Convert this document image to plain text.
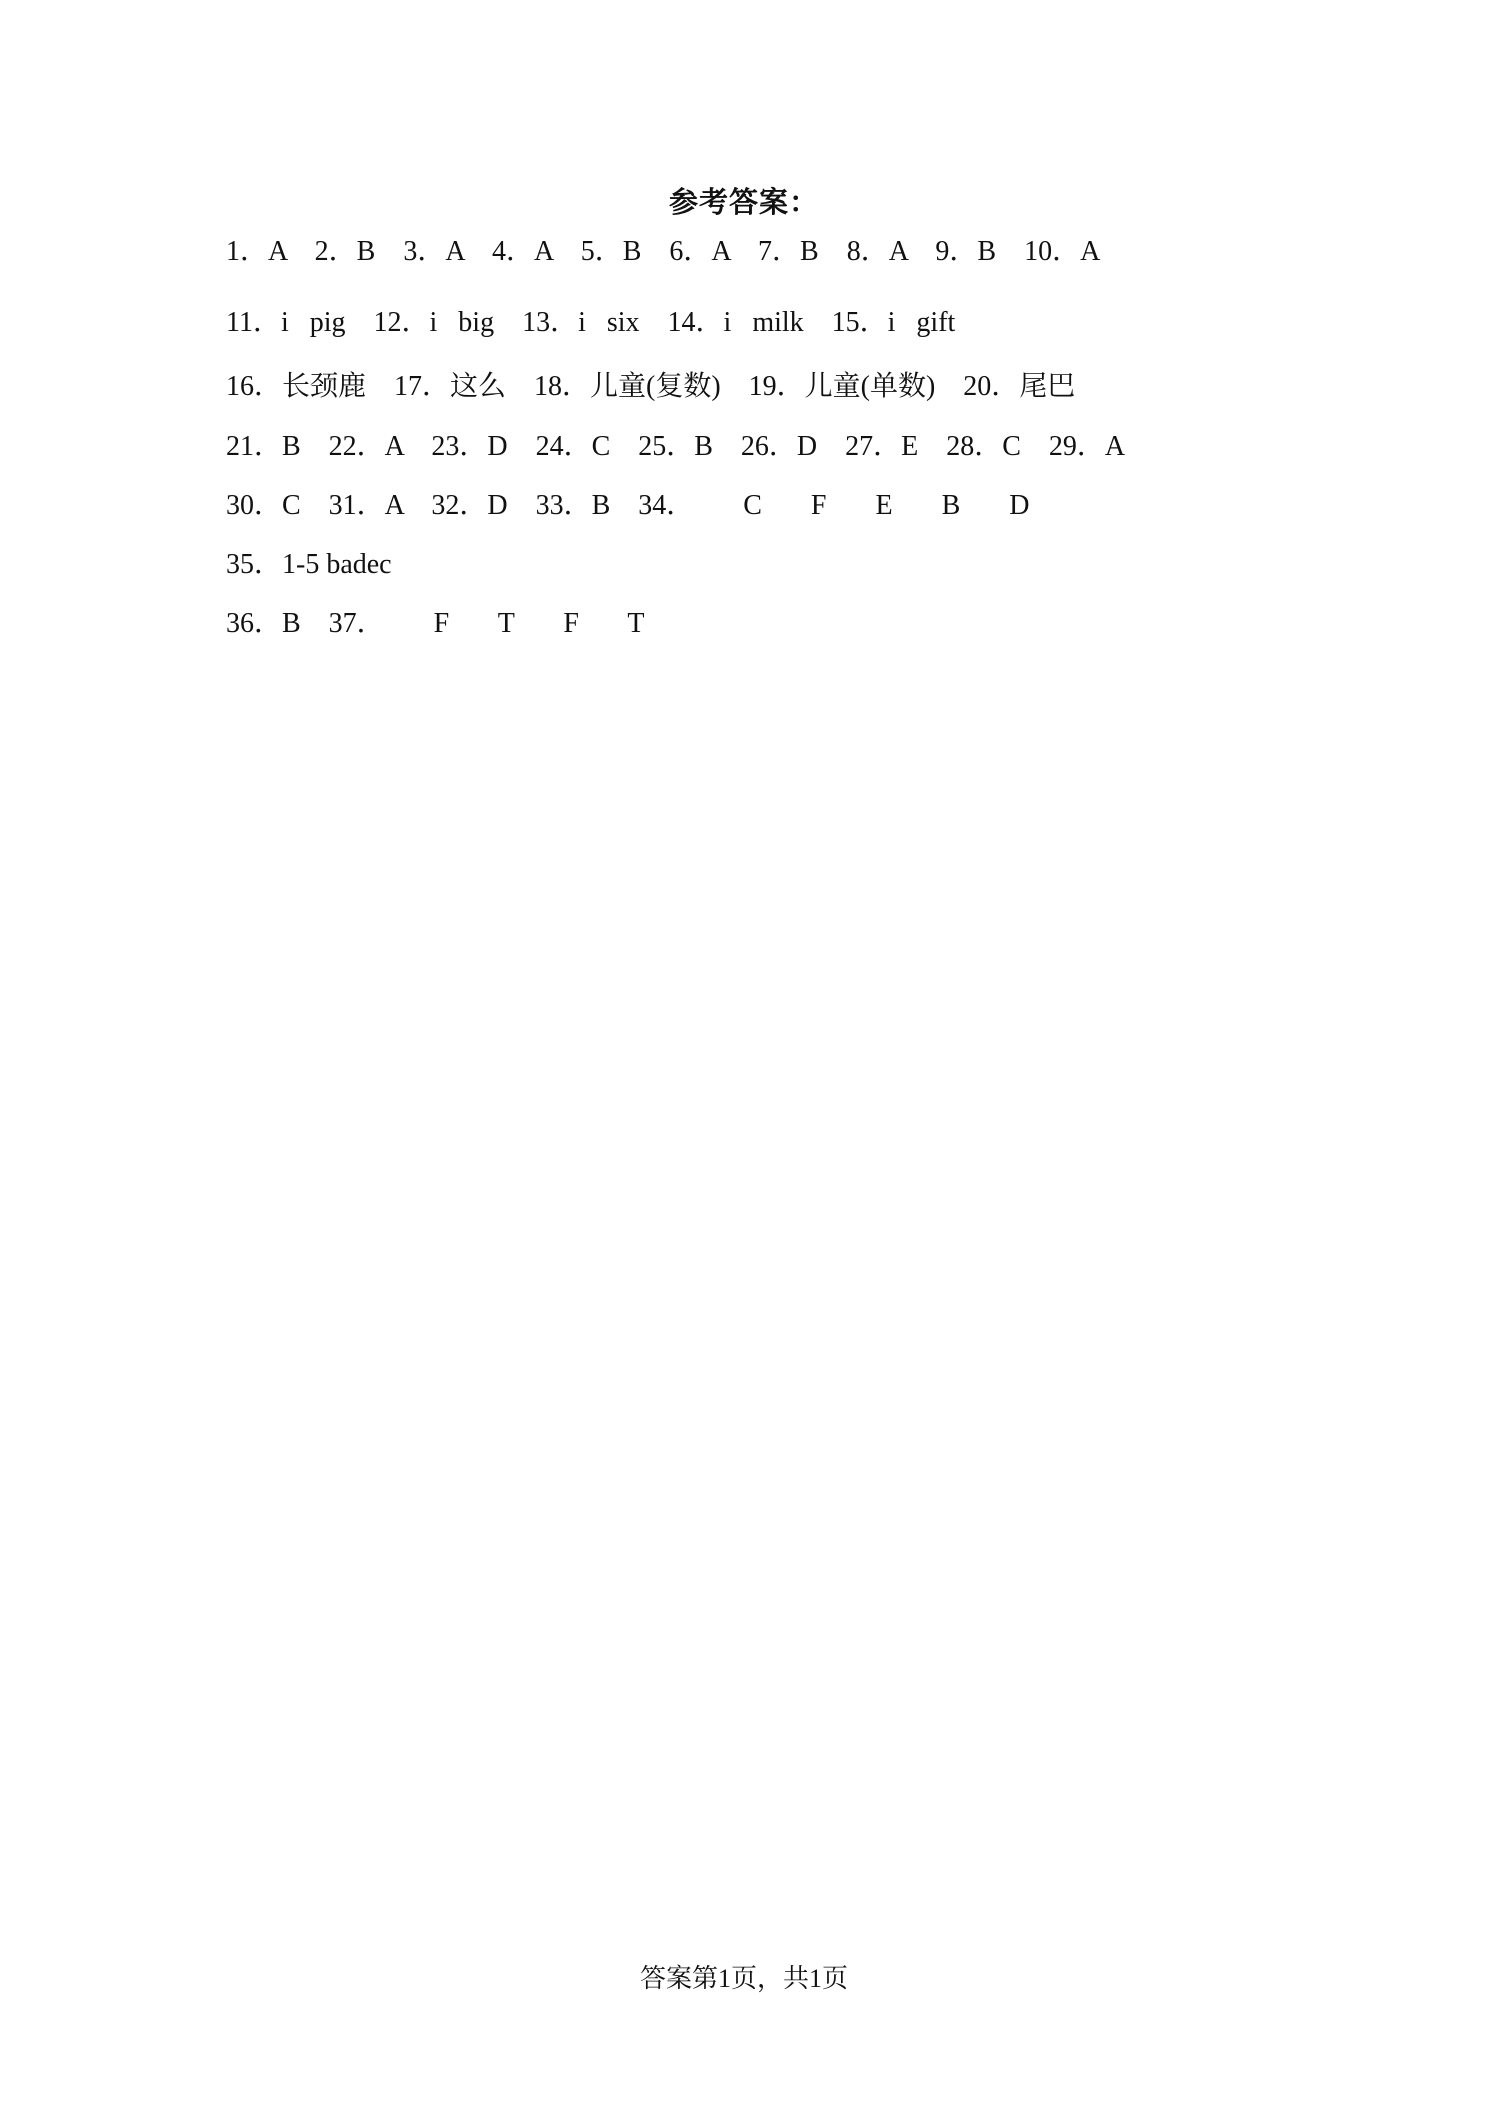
参考答案：
1．A    2．B    3．A    4．A    5．B    6．A    7．B    8．A    9．B    10．A
11．i   pig    12．i   big    13．i   six    14．i   milk    15．i   gift
16．长颈鹿    17．这么    18．儿童(复数)    19．儿童(单数)    20．尾巴
21．B    22．A    23．D    24．C    25．B    26．D    27．E    28．C    29．A
30．C    31．A    32．D    33．B    34．       C       F       E       B       D
35．1-5 badec
36．B    37．       F       T       F       T
答案第1页，共1页
